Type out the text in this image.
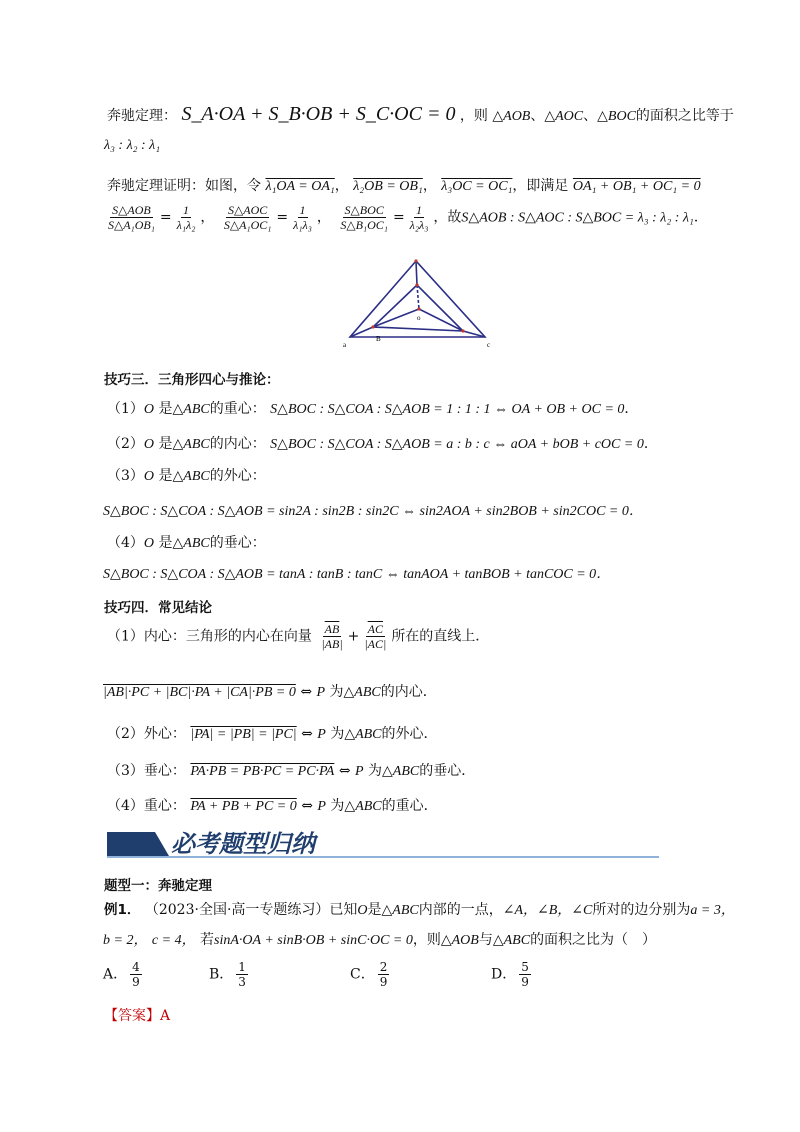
奔驰定理： S_A·OA + S_B·OB + S_C·OC = 0 ，则 △AOB、△AOC、△BOC的面积之比等于
λ₃ : λ₂ : λ₁
奔驰定理证明：如图，令 λ₁OA = OA₁， λ₂OB = OB₁， λ₃OC = OC₁，即满足 OA₁ + OB₁ + OC₁ = 0
$\frac{\text{S△AOB}}{\text{S△A₁OB₁}} = \frac{1}{\text{λ₁λ₂}}$ ， $\frac{\text{S△AOC}}{\text{S△A₁OC₁}} = \frac{1}{\text{λ₁λ₃}}$ ， $\frac{\text{S△BOC}}{\text{S△B₁OC₁}} = \frac{1}{\text{λ₂λ₃}}$ ，故S△AOB : S△AOC : S△BOC = λ₃ : λ₂ : λ₁．
a
B
c
o
技巧三．三角形四心与推论：
（1）O 是△ABC的重心： S△BOC : S△COA : S△AOB = 1 : 1 : 1 ⇔ OA + OB + OC = 0．
（2）O 是△ABC的内心： S△BOC : S△COA : S△AOB = a : b : c ⇔ aOA + bOB + cOC = 0．
（3）O 是△ABC的外心：
S△BOC : S△COA : S△AOB = sin2A : sin2B : sin2C ⇔ sin2AOA + sin2BOB + sin2COC = 0．
（4）O 是△ABC的垂心：
S△BOC : S△COA : S△AOB = tanA : tanB : tanC ⇔ tanAOA + tanBOB + tanCOC = 0．
技巧四．常见结论
（1）内心：三角形的内心在向量 $\frac{\overline{AB}}{|AB|} + \frac{\overline{AC}}{|AC|}$ 所在的直线上．
|AB|·PC + |BC|·PA + |CA|·PB = 0 ⇔ P 为△ABC的内心．
（2）外心： |PA| = |PB| = |PC| ⇔ P 为△ABC的外心．
（3）垂心： PA·PB = PB·PC = PC·PA ⇔ P 为△ABC的垂心．
（4）重心： PA + PB + PC = 0 ⇔ P 为△ABC的重心．
必考题型归纳
题型一：奔驰定理
例1． （2023·全国·高一专题练习）已知O是△ABC内部的一点，∠A，∠B，∠C所对的边分别为a = 3，
b = 2， c = 4， 若sinA·OA + sinB·OB + sinC·OC = 0，则△AOB与△ABC的面积之比为（　）
A． $\frac{4}{9}$	B． $\frac{1}{3}$	C． $\frac{2}{9}$	D． $\frac{5}{9}$
【答案】A
